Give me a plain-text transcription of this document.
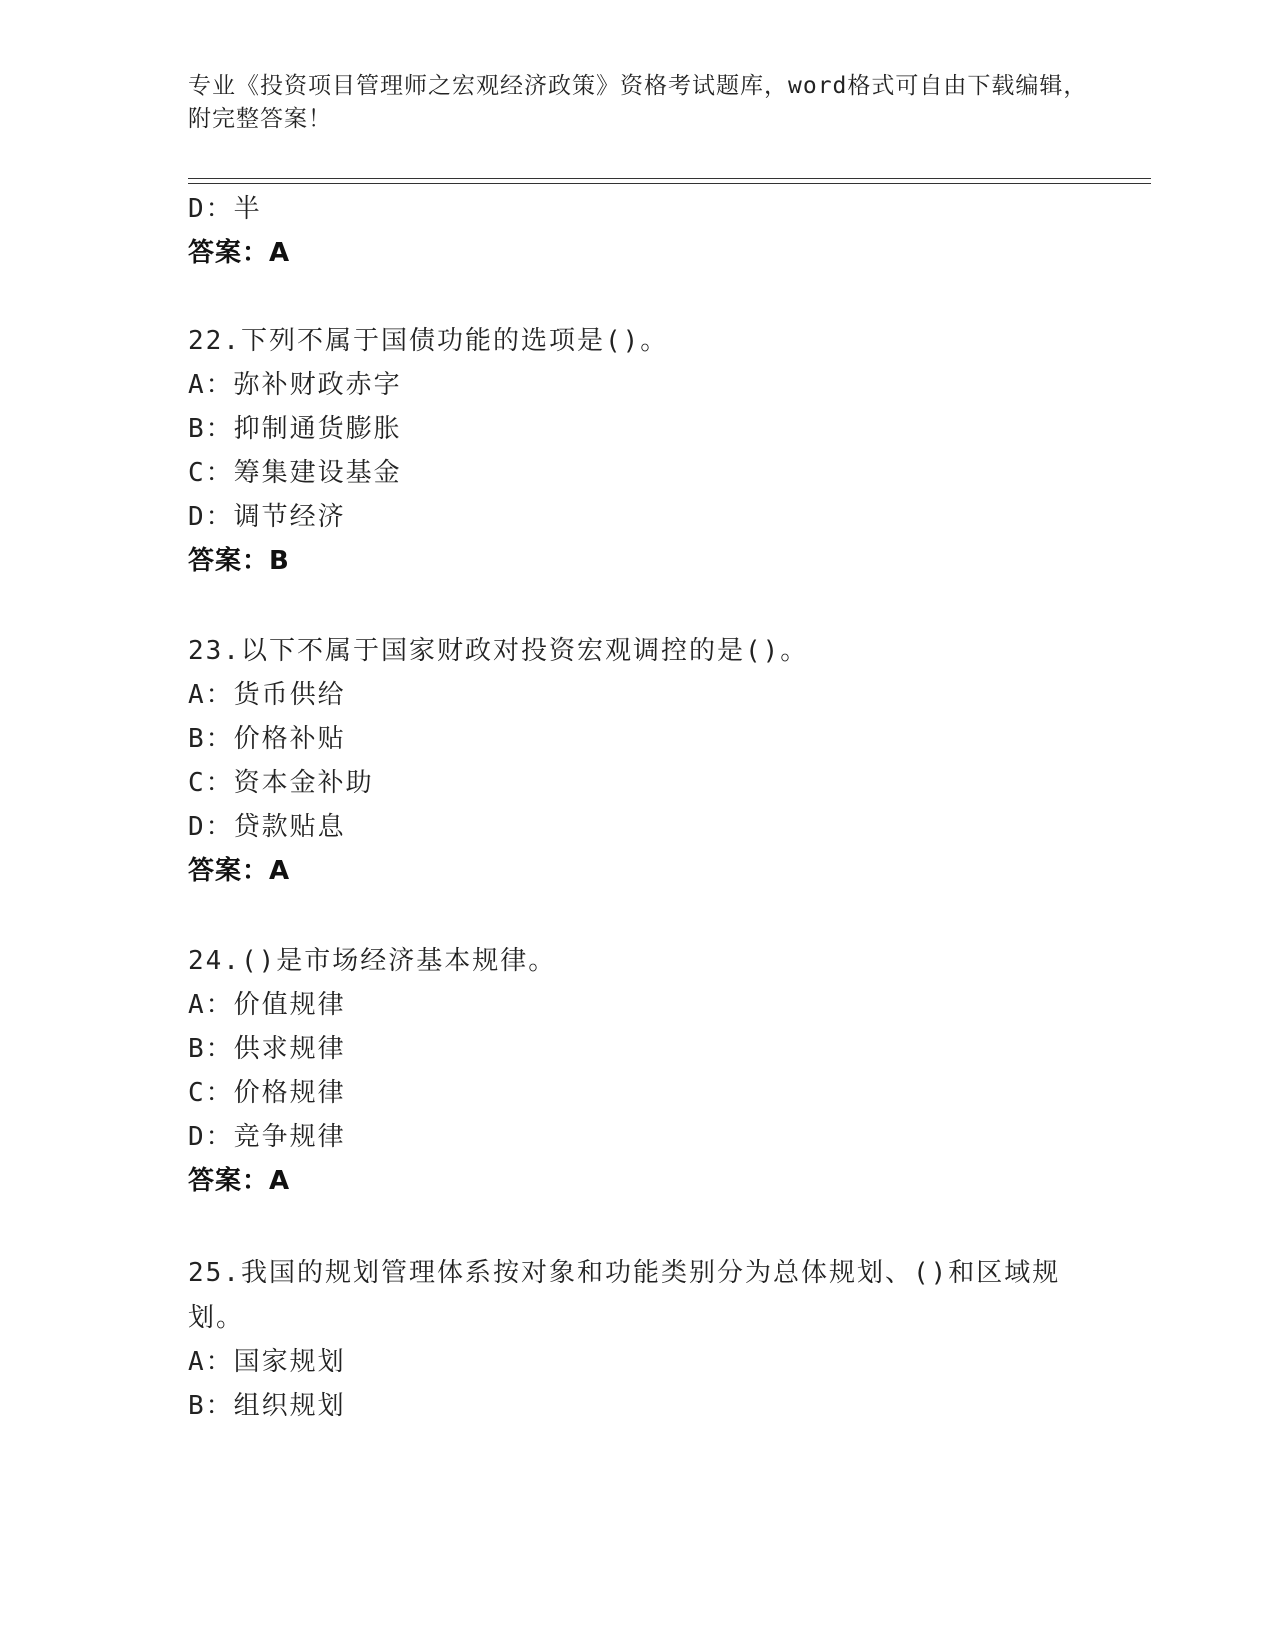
专业《投资项目管理师之宏观经济政策》资格考试题库，word格式可自由下载编辑，附完整答案！
D：半
答案：A
22.下列不属于国债功能的选项是()。
A：弥补财政赤字
B：抑制通货膨胀
C：筹集建设基金
D：调节经济
答案：B
23.以下不属于国家财政对投资宏观调控的是()。
A：货币供给
B：价格补贴
C：资本金补助
D：贷款贴息
答案：A
24.()是市场经济基本规律。
A：价值规律
B：供求规律
C：价格规律
D：竞争规律
答案：A
25.我国的规划管理体系按对象和功能类别分为总体规划、()和区域规划。
A：国家规划
B：组织规划
